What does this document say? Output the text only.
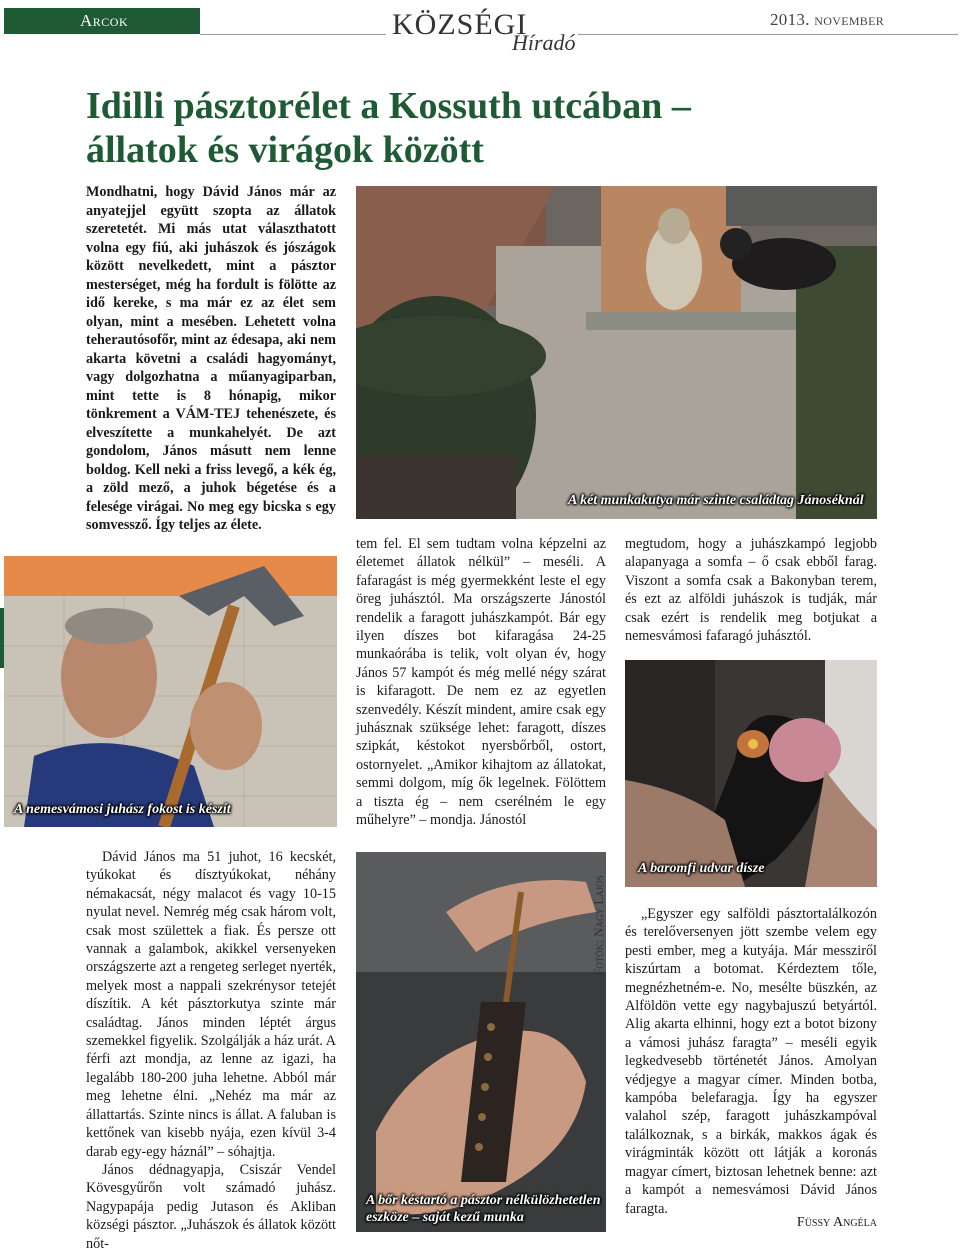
Arcok	KÖZSÉGI
Híradó
2013. november
Idilli pásztorélet a Kossuth utcában –
állatok és virágok között
Mondhatni, hogy Dávid János már az anyatejjel együtt szopta az állatok szeretetét. Mi más utat választhatott volna egy fiú, aki juhászok és jószágok között nevelkedett, mint a pásztor mesterséget, még ha fordult is fölötte az idő kereke, s ma már ez az élet sem olyan, mint a mesében. Lehetett volna teherautósofőr, mint az édesapa, aki nem akarta követni a családi hagyományt, vagy dolgozhatna a műanyagiparban, mint tette is 8 hónapig, mikor tönkrement a VÁM-TEJ tehenészete, és elveszítette a munkahelyét. De azt gondolom, János másutt nem lenne boldog. Kell neki a friss levegő, a kék ég, a zöld mező, a juhok bégetése és a felesége virágai. No meg egy bicska s egy somvessző. Így teljes az élete.
A két munkakutya már szinte családtag Jánoséknál
A nemesvámosi juhász fokost is készít

tem fel. El sem tudtam volna képzelni az életemet állatok nélkül” – meséli. A fafaragást is még gyermekként leste el egy öreg juhásztól. Ma országszerte Jánostól rendelik a faragott juhászkampót. Bár egy ilyen díszes bot kifaragása 24-25 munkaórába is telik, volt olyan év, hogy János 57 kampót és még mellé négy szárat is kifaragott. De nem ez az egyetlen szenvedély. Készít mindent, amire csak egy juhásznak szüksége lehet: faragott, díszes szipkát, késtokot nyersbőrből, ostort, ostornyelet. „Amikor kihajtom az állatokat, semmi dolgom, míg ők legelnek. Fölöttem a tiszta ég – nem cserélném le egy műhelyre” – mondja. Jánostól

megtudom, hogy a juhászkampó legjobb alapanyaga a somfa – ő csak ebből farag. Viszont a somfa csak a Bakonyban terem, és ezt az alföldi juhászok is tudják, már csak ezért is rendelik meg botjukat a nemesvámosi fafaragó juhásztól.

A baromfi udvar dísze

Dávid János ma 51 juhot, 16 kecskét, tyúkokat és dísztyúkokat, néhány némakacsát, négy malacot és vagy 10-15 nyulat nevel. Nemrég még csak három volt, csak most születtek a fiak. És persze ott vannak a galambok, akikkel versenyeken országszerte azt a rengeteg serleget nyerték, melyek most a nappali szekrénysor tetejét díszítik. A két pásztorkutya szinte már családtag. János minden léptét árgus szemekkel figyelik. Szolgálják a ház urát. A férfi azt mondja, az lenne az igazi, ha legalább 180-200 juha lehetne. Abból már meg lehetne élni. „Nehéz ma már az állattartás. Szinte nincs is állat. A faluban is kettőnek van kisebb nyája, ezen kívül 3-4 darab egy-egy háznál” – sóhajtja.

János dédnagyapja, Csiszár Vendel Kövesgyűrőn volt számadó juhász. Nagypapája pedig Jutason és Akliban községi pásztor. „Juhászok és állatok között nőt-

A bőr késtartó a pásztor nélkülözhetetlen
eszköze – saját kezű munka
Fotók: Nagy Lajos	„Egyszer egy salföldi pásztortalálkozón és terelőversenyen jött szembe velem egy pesti ember, meg a kutyája. Már messziről kiszúrtam a botomat. Kérdeztem tőle, megnézhetném-e. No, mesélte büszkén, az Alföldön vette egy nagybajuszú betyártól. Alig akarta elhinni, hogy ezt a botot bizony a vámosi juhász faragta” – meséli egyik legkedvesebb történetét János. Amolyan védjegye a magyar címer. Minden botba, kampóba belefaragja. Így ha egyszer valahol szép, faragott juhászkampóval találkoznak, s a birkák, makkos ágak és virágminták között ott látják a koronás magyar címert, biztosan lehetnek benne: azt a kampót a nemesvámosi Dávid János faragta.

Füssy Angéla
